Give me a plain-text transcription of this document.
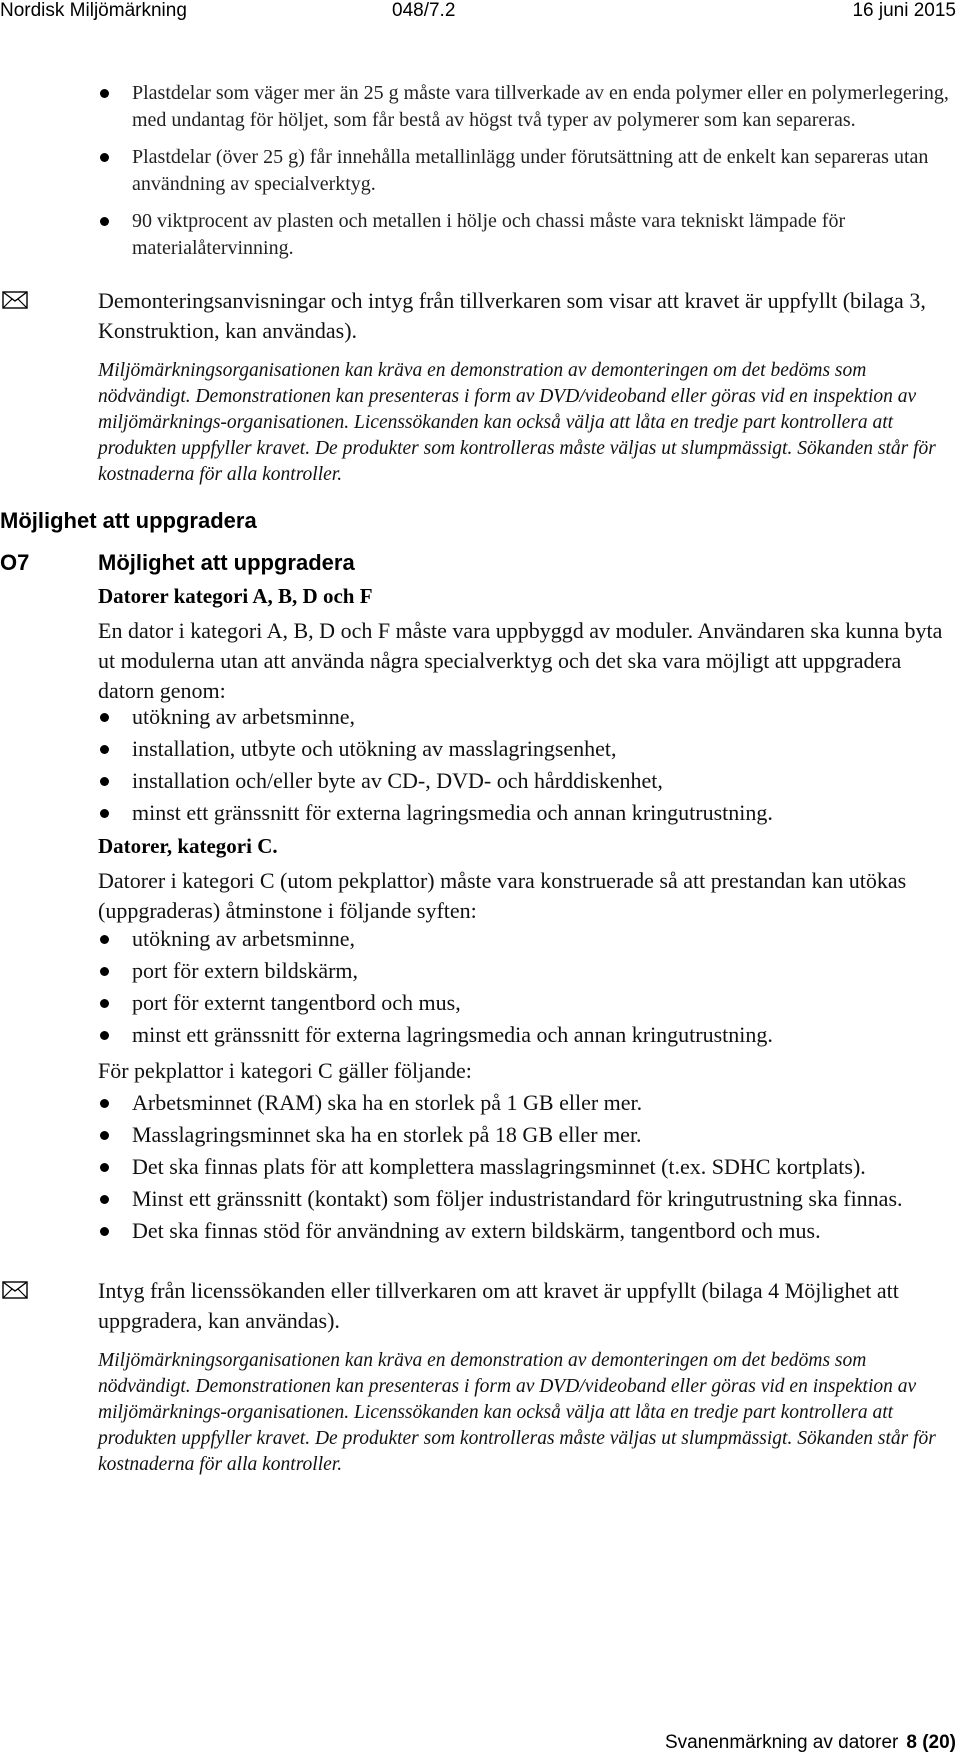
Nordisk Miljömärkning	048/7.2	16 juni 2015
Plastdelar som väger mer än 25 g måste vara tillverkade av en enda polymer eller en polymerlegering, med undantag för höljet, som får bestå av högst två typer av polymerer som kan separeras.
Plastdelar (över 25 g) får innehålla metallinlägg under förutsättning att de enkelt kan separeras utan användning av specialverktyg.
90 viktprocent av plasten och metallen i hölje och chassi måste vara tekniskt lämpade för materialåtervinning.
Demonteringsanvisningar och intyg från tillverkaren som visar att kravet är uppfyllt (bilaga 3, Konstruktion, kan användas).
Miljömärkningsorganisationen kan kräva en demonstration av demonteringen om det bedöms som nödvändigt. Demonstrationen kan presenteras i form av DVD/videoband eller göras vid en inspektion av miljömärknings-organisationen. Licenssökanden kan också välja att låta en tredje part kontrollera att produkten uppfyller kravet. De produkter som kontrolleras måste väljas ut slumpmässigt. Sökanden står för kostnaderna för alla kontroller.
Möjlighet att uppgradera
O7	Möjlighet att uppgradera
Datorer kategori A, B, D och F
En dator i kategori A, B, D och F måste vara uppbyggd av moduler. Användaren ska kunna byta ut modulerna utan att använda några specialverktyg och det ska vara möjligt att uppgradera datorn genom:
utökning av arbetsminne,
installation, utbyte och utökning av masslagringsenhet,
installation och/eller byte av CD-, DVD- och hårddiskenhet,
minst ett gränssnitt för externa lagringsmedia och annan kringutrustning.
Datorer, kategori C.
Datorer i kategori C (utom pekplattor) måste vara konstruerade så att prestandan kan utökas (uppgraderas) åtminstone i följande syften:
utökning av arbetsminne,
port för extern bildskärm,
port för externt tangentbord och mus,
minst ett gränssnitt för externa lagringsmedia och annan kringutrustning.
För pekplattor i kategori C gäller följande:
Arbetsminnet (RAM) ska ha en storlek på 1 GB eller mer.
Masslagringsminnet ska ha en storlek på 18 GB eller mer.
Det ska finnas plats för att komplettera masslagringsminnet (t.ex. SDHC kortplats).
Minst ett gränssnitt (kontakt) som följer industristandard för kringutrustning ska finnas.
Det ska finnas stöd för användning av extern bildskärm, tangentbord och mus.
Intyg från licenssökanden eller tillverkaren om att kravet är uppfyllt (bilaga 4 Möjlighet att uppgradera, kan användas).
Miljömärkningsorganisationen kan kräva en demonstration av demonteringen om det bedöms som nödvändigt. Demonstrationen kan presenteras i form av DVD/videoband eller göras vid en inspektion av miljömärknings-organisationen. Licenssökanden kan också välja att låta en tredje part kontrollera att produkten uppfyller kravet. De produkter som kontrolleras måste väljas ut slumpmässigt. Sökanden står för kostnaderna för alla kontroller.
Svanenmärkning av datorer 8 (20)
